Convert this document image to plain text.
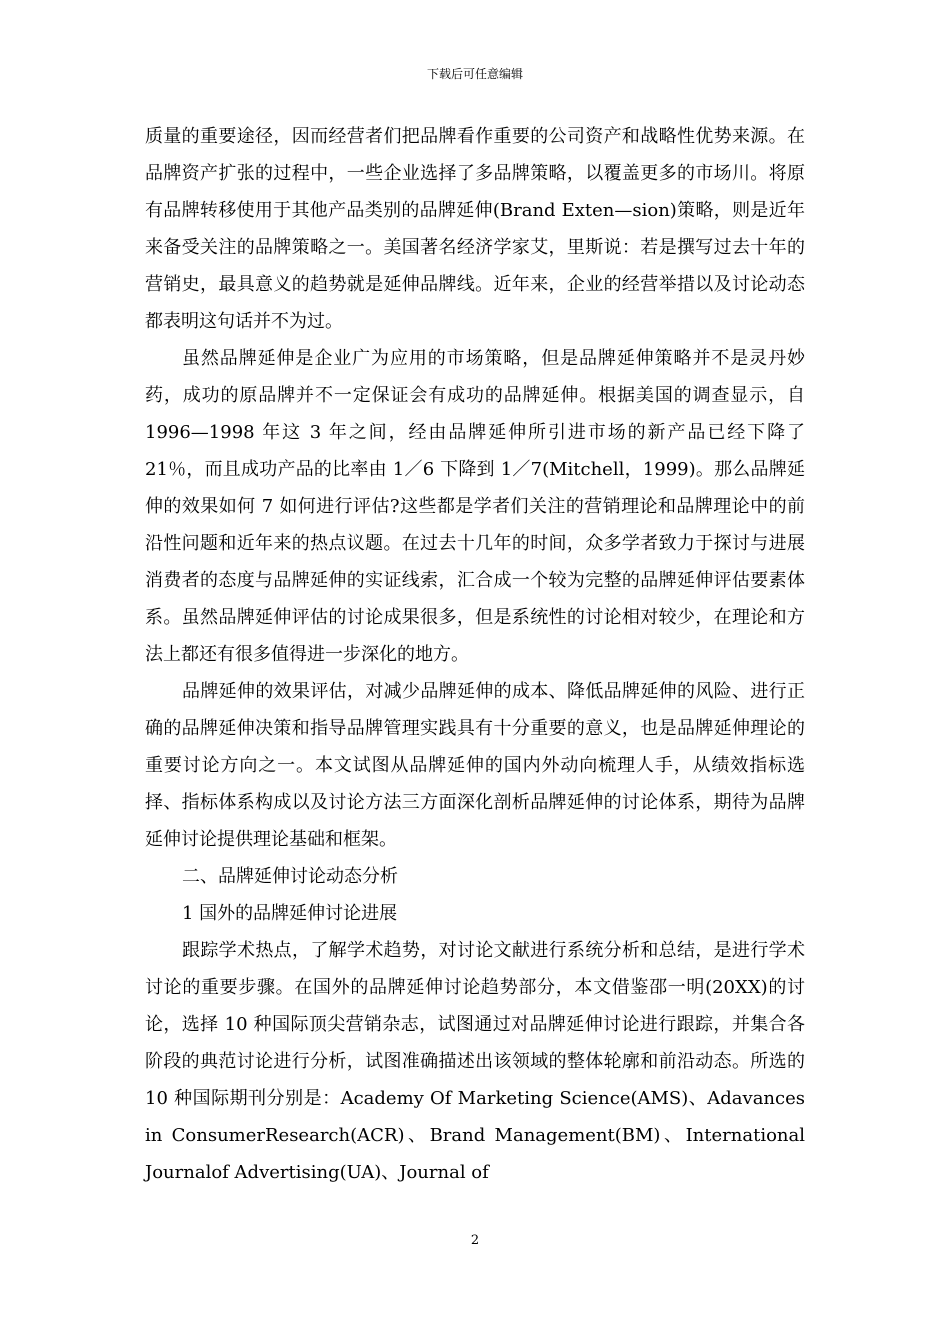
下载后可任意编辑

质量的重要途径，因而经营者们把品牌看作重要的公司资产和战略性优势来源。在品牌资产扩张的过程中，一些企业选择了多品牌策略，以覆盖更多的市场川。将原有品牌转移使用于其他产品类别的品牌延伸(Brand Exten—sion)策略，则是近年来备受关注的品牌策略之一。美国著名经济学家艾，里斯说：若是撰写过去十年的营销史，最具意义的趋势就是延伸品牌线。近年来，企业的经营举措以及讨论动态都表明这句话并不为过。

虽然品牌延伸是企业广为应用的市场策略，但是品牌延伸策略并不是灵丹妙药，成功的原品牌并不一定保证会有成功的品牌延伸。根据美国的调查显示，自 1996—1998 年这 3 年之间，经由品牌延伸所引进市场的新产品已经下降了 21％，而且成功产品的比率由 1／6 下降到 1／7(Mitchell，1999)。那么品牌延伸的效果如何 7 如何进行评估?这些都是学者们关注的营销理论和品牌理论中的前沿性问题和近年来的热点议题。在过去十几年的时间，众多学者致力于探讨与进展消费者的态度与品牌延伸的实证线索，汇合成一个较为完整的品牌延伸评估要素体系。虽然品牌延伸评估的讨论成果很多，但是系统性的讨论相对较少，在理论和方法上都还有很多值得进一步深化的地方。

品牌延伸的效果评估，对减少品牌延伸的成本、降低品牌延伸的风险、进行正确的品牌延伸决策和指导品牌管理实践具有十分重要的意义，也是品牌延伸理论的重要讨论方向之一。本文试图从品牌延伸的国内外动向梳理人手，从绩效指标选择、指标体系构成以及讨论方法三方面深化剖析品牌延伸的讨论体系，期待为品牌延伸讨论提供理论基础和框架。

二、品牌延伸讨论动态分析

1 国外的品牌延伸讨论进展

跟踪学术热点，了解学术趋势，对讨论文献进行系统分析和总结，是进行学术讨论的重要步骤。在国外的品牌延伸讨论趋势部分，本文借鉴邵一明(20XX)的讨论，选择 10 种国际顶尖营销杂志，试图通过对品牌延伸讨论进行跟踪，并集合各阶段的典范讨论进行分析，试图准确描述出该领域的整体轮廓和前沿动态。所选的 10 种国际期刊分别是：Academy Of Marketing Science(AMS)、Adavances in ConsumerResearch(ACR)、Brand Management(BM)、International Journalof Advertising(UA)、Journal of

2
